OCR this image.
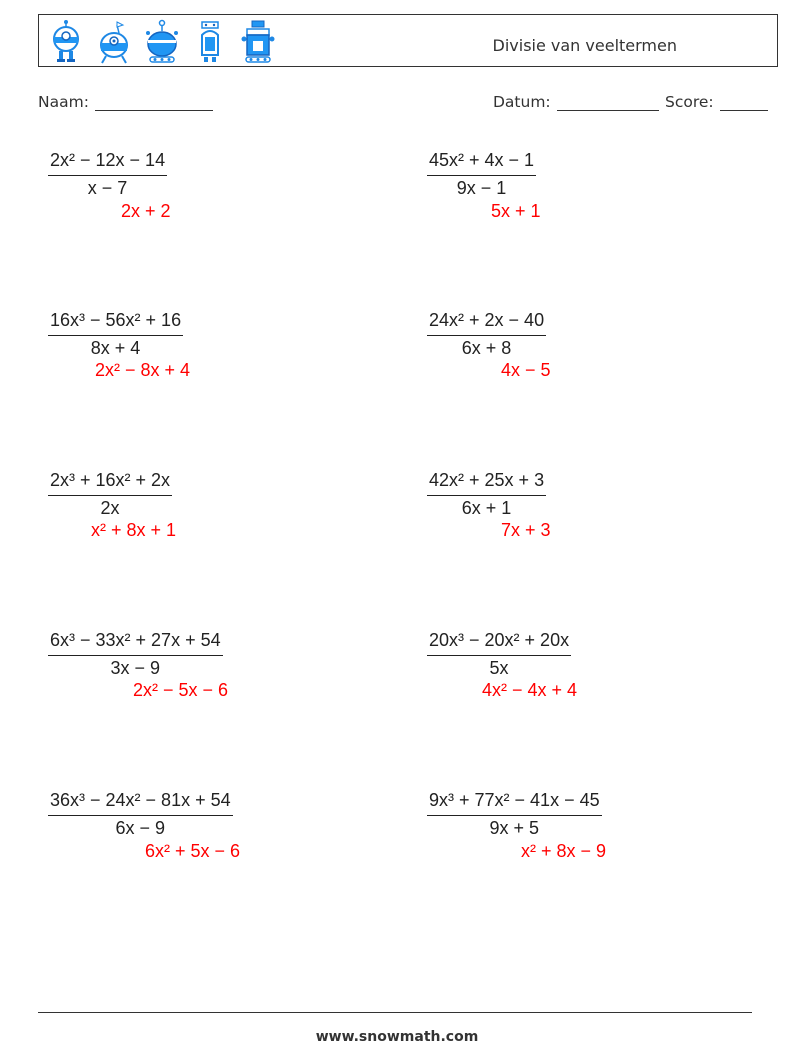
Divisie van veeltermen
Naam:	Datum:	Score:
$\frac{\text{2x² − 12x − 14}}{x - 7}$
2x + 2
$\frac{\text{45x² + 4x − 1}}{9x - 1}$
5x + 1
$\frac{\text{16x³ − 56x² + 16}}{8x + 4}$
2x² − 8x + 4
$\frac{\text{24x² + 2x − 40}}{6x + 8}$
4x − 5
$\frac{\text{2x³ + 16x² + 2x}}{2x}$
x² + 8x + 1
$\frac{\text{42x² + 25x + 3}}{6x + 1}$
7x + 3
$\frac{\text{6x³ − 33x² + 27x + 54}}{3x - 9}$
2x² − 5x − 6
$\frac{\text{20x³ − 20x² + 20x}}{5x}$
4x² − 4x + 4
$\frac{\text{36x³ − 24x² − 81x + 54}}{6x - 9}$
6x² + 5x − 6
$\frac{\text{9x³ + 77x² − 41x − 45}}{9x + 5}$
x² + 8x − 9
www.snowmath.com
